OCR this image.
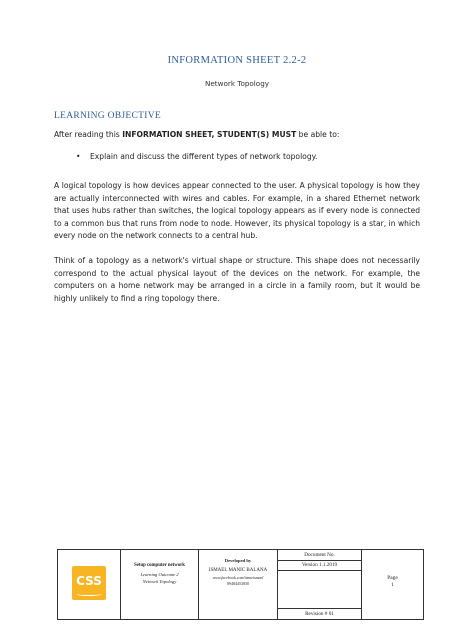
INFORMATION SHEET 2.2-2
Network Topology
LEARNING OBJECTIVE
After reading this INFORMATION SHEET, STUDENT(S) MUST be able to:
• Explain and discuss the different types of network topology.
A logical topology is how devices appear connected to the user. A physical topology is how they are actually interconnected with wires and cables. For example, in a shared Ethernet network that uses hubs rather than switches, the logical topology appears as if every node is connected to a common bus that runs from node to node. However, its physical topology is a star, in which every node on the network connects to a central hub.
Think of a topology as a network's virtual shape or structure. This shape does not necessarily correspond to the actual physical layout of the devices on the network. For example, the computers on a home network may be arranged in a circle in a family room, but it would be highly unlikely to find a ring topology there.
CSS
Setup computer network
Learning Outcome 2
Network Topology
Developed by
ISMAEL MANIC BALANA
www.facebook.com/itsmeismael
09484453830
Document No.
Version 1.1.2019
Revision # 01
Page
1
